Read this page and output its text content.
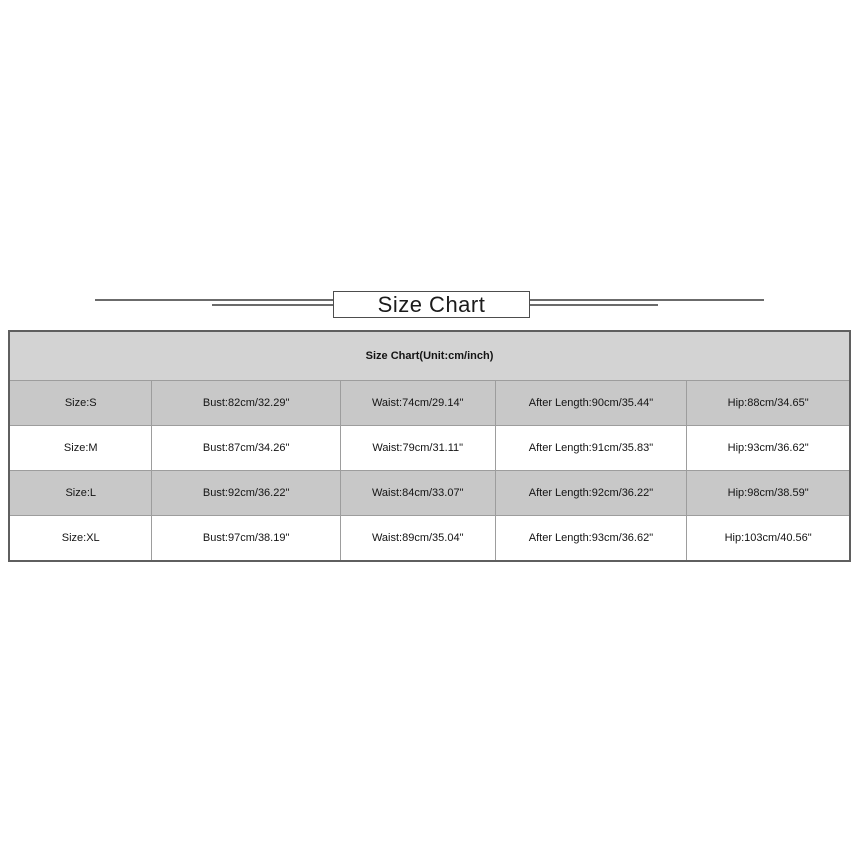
Size Chart
Size Chart(Unit:cm/inch)				
Size:S	Bust:82cm/32.29"	Waist:74cm/29.14"	After Length:90cm/35.44"	Hip:88cm/34.65"
Size:M	Bust:87cm/34.26"	Waist:79cm/31.11"	After Length:91cm/35.83"	Hip:93cm/36.62"
Size:L	Bust:92cm/36.22"	Waist:84cm/33.07"	After Length:92cm/36.22"	Hip:98cm/38.59"
Size:XL	Bust:97cm/38.19"	Waist:89cm/35.04"	After Length:93cm/36.62"	Hip:103cm/40.56"
